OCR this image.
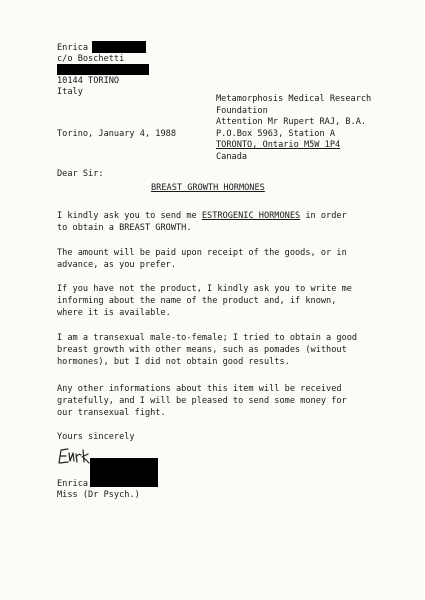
Enrica
c/o Boschetti
10144 TORINO
Italy
Metamorphosis Medical Research
Foundation
Attention Mr Rupert RAJ, B.A.
P.O.Box 5963, Station A
TORONTO, Ontario M5W 1P4
Canada
Torino, January 4, 1988
Dear Sir:
BREAST GROWTH HORMONES
I kindly ask you to send me ESTROGENIC HORMONES in order
to obtain a BREAST GROWTH.
The amount will be paid upon receipt of the goods, or in
advance, as you prefer.
If you have not the product, I kindly ask you to write me
informing about the name of the product and, if known,
where it is available.
I am a transexual male-to-female; I tried to obtain a good
breast growth with other means, such as pomades (without
hormones), but I did not obtain good results.
Any other informations about this item will be received
gratefully, and I will be pleased to send some money for
our transexual fight.
Yours sincerely
Enrica
Miss (Dr Psych.)
